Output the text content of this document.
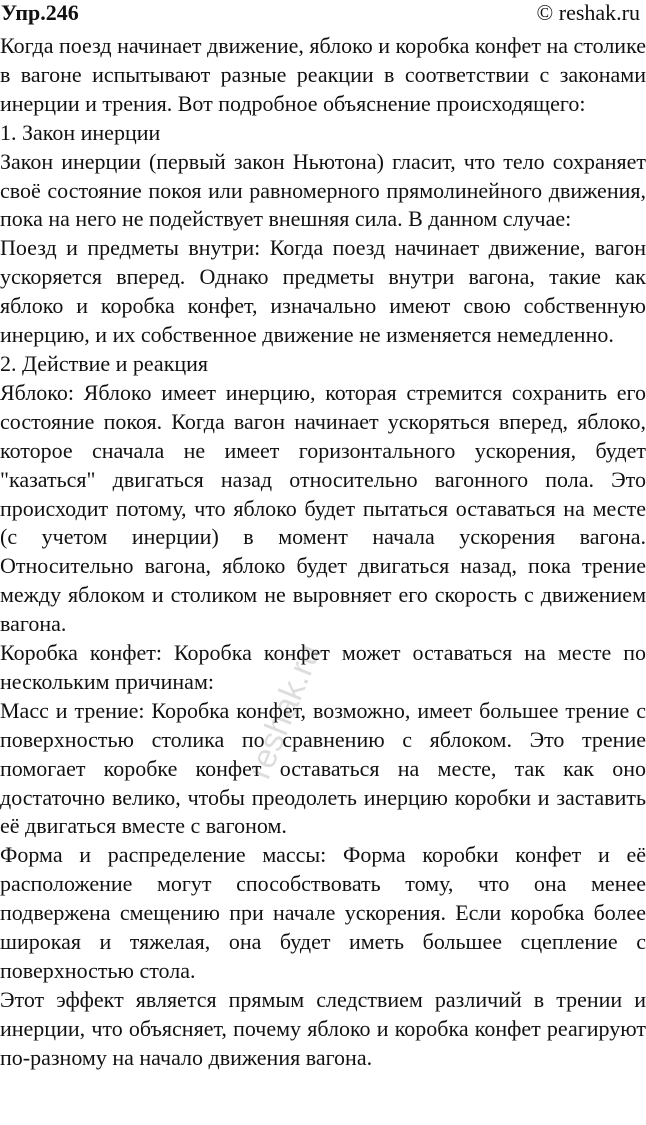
Упр.246	© reshak.ru

Когда поезд начинает движение, яблоко и коробка конфет на столике в вагоне испытывают разные реакции в соответствии с законами инерции и трения. Вот подробное объяснение происходящего:

1. Закон инерции

Закон инерции (первый закон Ньютона) гласит, что тело сохраняет своё состояние покоя или равномерного прямолинейного движения, пока на него не подействует внешняя сила. В данном случае:

Поезд и предметы внутри: Когда поезд начинает движение, вагон ускоряется вперед. Однако предметы внутри вагона, такие как яблоко и коробка конфет, изначально имеют свою собственную инерцию, и их собственное движение не изменяется немедленно.

2. Действие и реакция

Яблоко: Яблоко имеет инерцию, которая стремится сохранить его состояние покоя. Когда вагон начинает ускоряться вперед, яблоко, которое сначала не имеет горизонтального ускорения, будет "казаться" двигаться назад относительно вагонного пола. Это происходит потому, что яблоко будет пытаться оставаться на месте (с учетом инерции) в момент начала ускорения вагона. Относительно вагона, яблоко будет двигаться назад, пока трение между яблоком и столиком не выровняет его скорость с движением вагона.

Коробка конфет: Коробка конфет может оставаться на месте по нескольким причинам:

Масс и трение: Коробка конфет, возможно, имеет большее трение с поверхностью столика по сравнению с яблоком. Это трение помогает коробке конфет оставаться на месте, так как оно достаточно велико, чтобы преодолеть инерцию коробки и заставить её двигаться вместе с вагоном.

Форма и распределение массы: Форма коробки конфет и её расположение могут способствовать тому, что она менее подвержена смещению при начале ускорения. Если коробка более широкая и тяжелая, она будет иметь большее сцепление с поверхностью стола.

Этот эффект является прямым следствием различий в трении и инерции, что объясняет, почему яблоко и коробка конфет реагируют по-разному на начало движения вагона.

reshak.ru
